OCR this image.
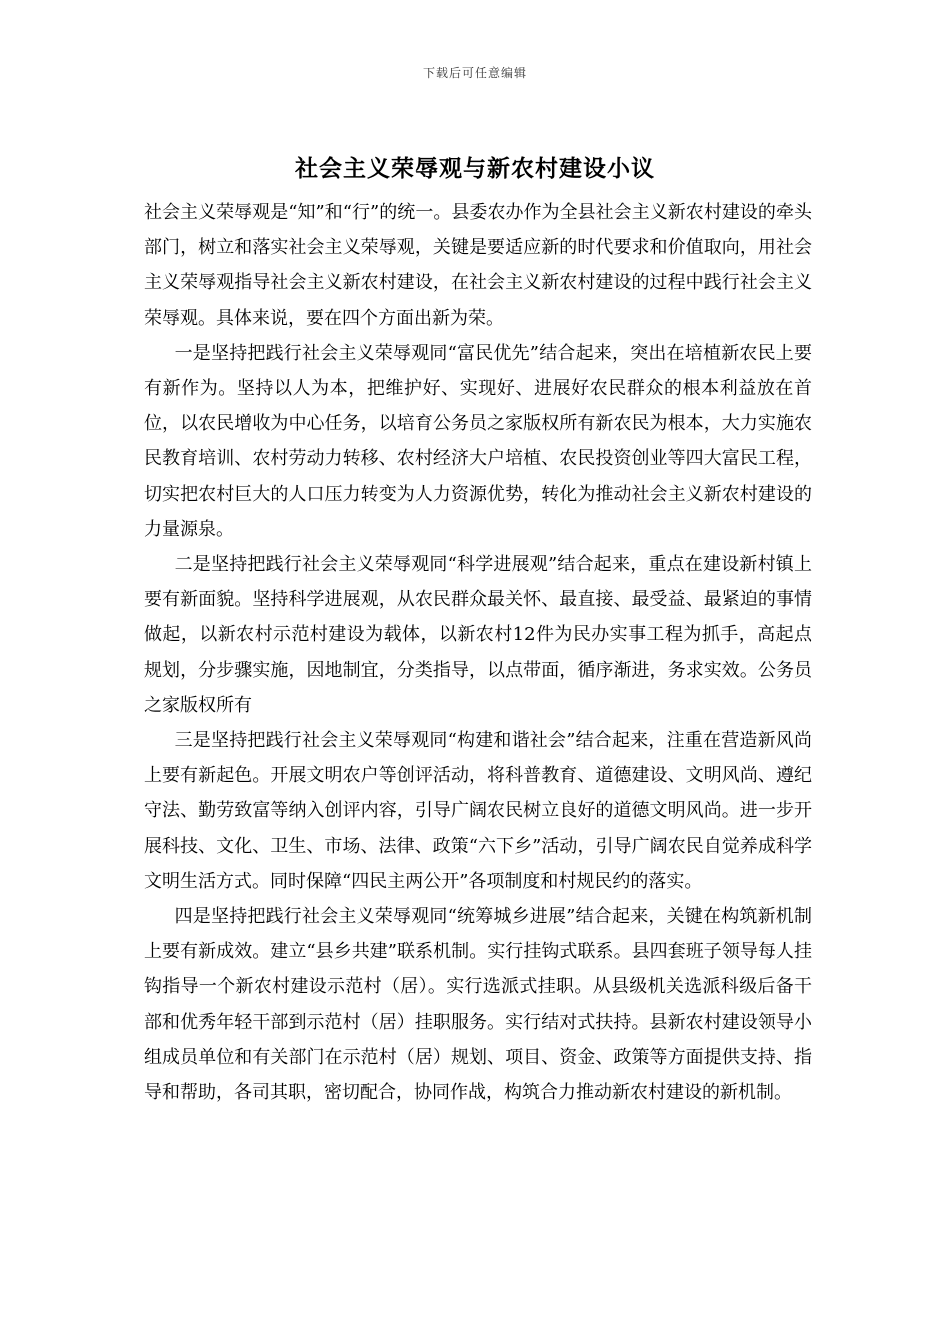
下载后可任意编辑
社会主义荣辱观与新农村建设小议

社会主义荣辱观是“知”和“行”的统一。县委农办作为全县社会主义新农村建设的牵头部门，树立和落实社会主义荣辱观，关键是要适应新的时代要求和价值取向，用社会主义荣辱观指导社会主义新农村建设，在社会主义新农村建设的过程中践行社会主义荣辱观。具体来说，要在四个方面出新为荣。

一是坚持把践行社会主义荣辱观同“富民优先”结合起来，突出在培植新农民上要有新作为。坚持以人为本，把维护好、实现好、进展好农民群众的根本利益放在首位，以农民增收为中心任务，以培育公务员之家版权所有新农民为根本，大力实施农民教育培训、农村劳动力转移、农村经济大户培植、农民投资创业等四大富民工程，切实把农村巨大的人口压力转变为人力资源优势，转化为推动社会主义新农村建设的力量源泉。

二是坚持把践行社会主义荣辱观同“科学进展观”结合起来，重点在建设新村镇上要有新面貌。坚持科学进展观，从农民群众最关怀、最直接、最受益、最紧迫的事情做起，以新农村示范村建设为载体，以新农村12件为民办实事工程为抓手，高起点规划，分步骤实施，因地制宜，分类指导，以点带面，循序渐进，务求实效。公务员之家版权所有

三是坚持把践行社会主义荣辱观同“构建和谐社会”结合起来，注重在营造新风尚上要有新起色。开展文明农户等创评活动，将科普教育、道德建设、文明风尚、遵纪守法、勤劳致富等纳入创评内容，引导广阔农民树立良好的道德文明风尚。进一步开展科技、文化、卫生、市场、法律、政策“六下乡”活动，引导广阔农民自觉养成科学文明生活方式。同时保障“四民主两公开”各项制度和村规民约的落实。

四是坚持把践行社会主义荣辱观同“统筹城乡进展”结合起来，关键在构筑新机制上要有新成效。建立“县乡共建”联系机制。实行挂钩式联系。县四套班子领导每人挂钩指导一个新农村建设示范村（居）。实行选派式挂职。从县级机关选派科级后备干部和优秀年轻干部到示范村（居）挂职服务。实行结对式扶持。县新农村建设领导小组成员单位和有关部门在示范村（居）规划、项目、资金、政策等方面提供支持、指导和帮助，各司其职，密切配合，协同作战，构筑合力推动新农村建设的新机制。
